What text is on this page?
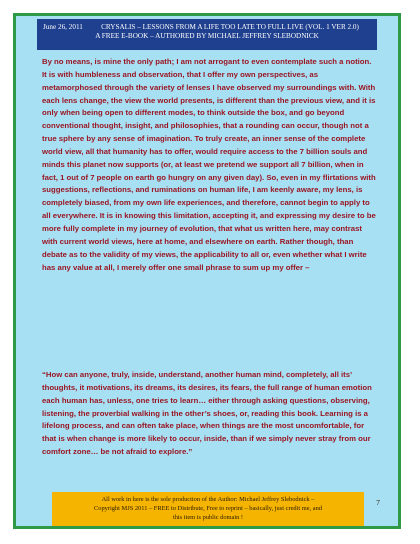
June 26, 2011	CRYSALIS – LESSONS FROM A LIFE TOO LATE TO FULL LIVE (VOL. 1 VER 2.0)
A FREE E-BOOK – AUTHORED BY MICHAEL JEFFREY SLEBODNICK

By no means, is mine the only path; I am not arrogant to even contemplate such a notion. It is with humbleness and observation, that I offer my own perspectives, as metamorphosed through the variety of lenses I have observed my surroundings with. With each lens change, the view the world presents, is different than the previous view, and it is only when being open to different modes, to think outside the box, and go beyond conventional thought, insight, and philosophies, that a rounding can occur, though not a true sphere by any sense of imagination. To truly create, an inner sense of the complete world view, all that humanity has to offer, would require access to the 7 billion souls and minds this planet now supports (or, at least we pretend we support all 7 billion, when in fact, 1 out of 7 people on earth go hungry on any given day). So, even in my flirtations with suggestions, reflections, and ruminations on human life, I am keenly aware, my lens, is completely biased, from my own life experiences, and therefore, cannot begin to apply to all everywhere. It is in knowing this limitation, accepting it, and expressing my desire to be more fully complete in my journey of evolution, that what us written here, may contrast with current world views, here at home, and elsewhere on earth. Rather though, than debate as to the validity of my views, the applicability to all or, even whether what I write has any value at all, I merely offer one small phrase to sum up my offer –

“How can anyone, truly, inside, understand, another human mind, completely, all its’ thoughts, it motivations, its dreams, its desires, its fears, the full range of human emotion each human has, unless, one tries to learn… either through asking questions, observing, listening, the proverbial walking in the other’s shoes, or, reading this book. Learning is a lifelong process, and can often take place, when things are the most uncomfortable, for that is when change is more likely to occur, inside, than if we simply never stray from our comfort zone… be not afraid to explore.”

All work in here is the sole production of the Author: Michael Jeffrey Slebodnick –
Copyright MJS 2011 – FREE to Distribute, Free to reprint – basically, just credit me, and
this item is public domain !
7
